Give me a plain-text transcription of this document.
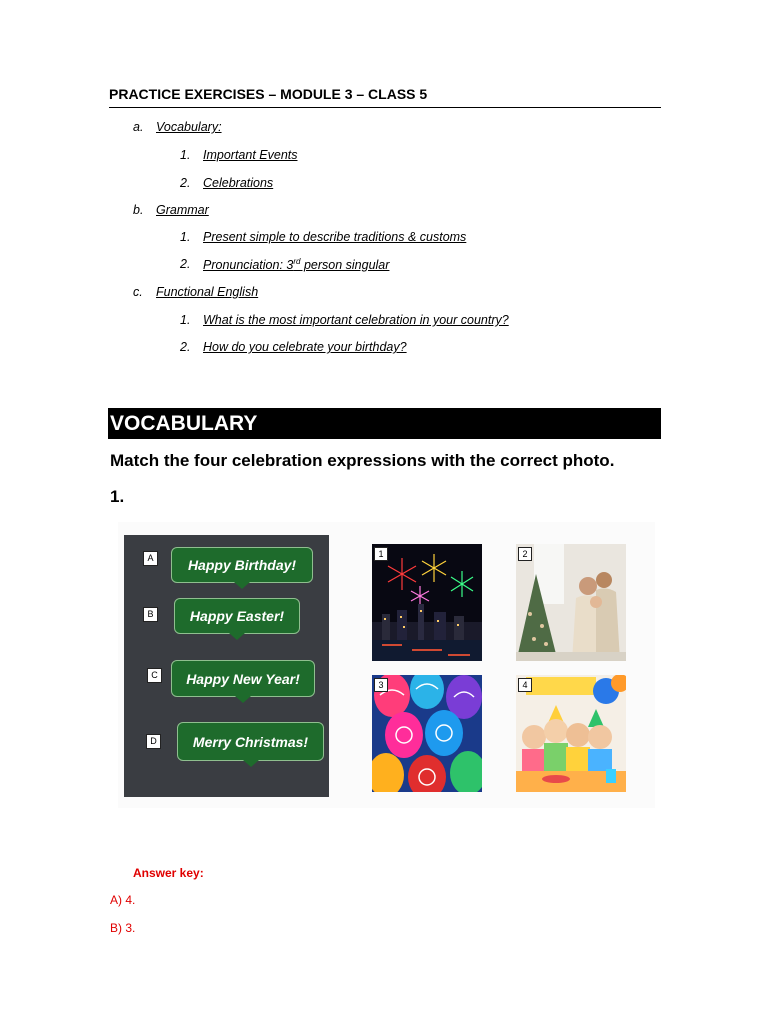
PRACTICE EXERCISES – MODULE 3 – CLASS 5
a. Vocabulary:
1. Important Events
2. Celebrations
b. Grammar
1. Present simple to describe traditions & customs
2. Pronunciation: 3rd person singular
c. Functional English
1. What is the most important celebration in your country?
2. How do you celebrate your birthday?
VOCABULARY
Match the four celebration expressions with the correct photo.
1.
A	Happy Birthday!
B	Happy Easter!
C	Happy New Year!
D	Merry Christmas!
1	2
3	4
Answer key:
A) 4.
B) 3.
